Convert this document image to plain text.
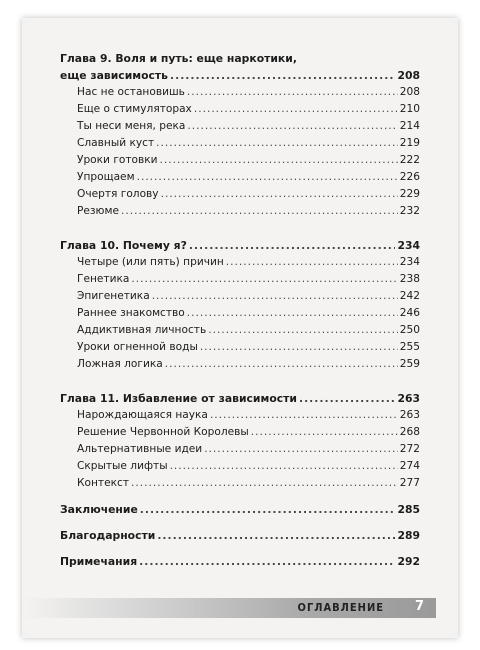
Глава 9. Воля и путь: еще наркотики,
еще зависимость .....	208
Нас не остановишь .....	208
Еще о стимуляторах .....	210
Ты неси меня, река .....	214
Славный куст .....	219
Уроки готовки .....	222
Упрощаем .....	226
Очертя голову .....	229
Резюме .....	232
Глава 10. Почему я? .....	234
Четыре (или пять) причин .....	234
Генетика .....	238
Эпигенетика .....	242
Раннее знакомство .....	246
Аддиктивная личность .....	250
Уроки огненной воды .....	255
Ложная логика .....	259
Глава 11. Избавление от зависимости .....	263
Нарождающаяся наука .....	263
Решение Червонной Королевы .....	268
Альтернативные идеи .....	272
Скрытые лифты .....	274
Контекст .....	277
Заключение .....	285
Благодарности .....	289
Примечания .....	292
ОГЛАВЛЕНИЕ 7
